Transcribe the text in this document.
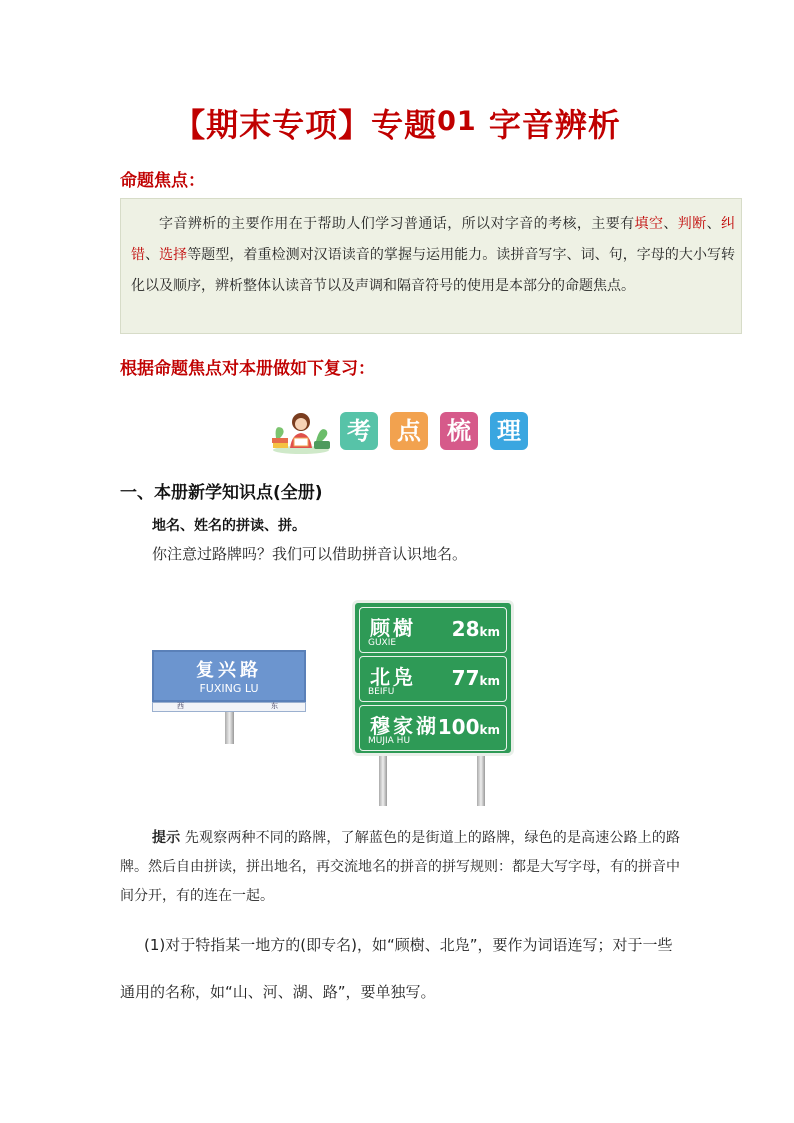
【期末专项】专题01 字音辨析
命题焦点：
字音辨析的主要作用在于帮助人们学习普通话，所以对字音的考核，主要有填空、判断、纠错、选择等题型，着重检测对汉语读音的掌握与运用能力。读拼音写字、词、句，字母的大小写转化以及顺序，辨析整体认读音节以及声调和隔音符号的使用是本部分的命题焦点。
根据命题焦点对本册做如下复习：
考 点 梳 理
一、本册新学知识点(全册)
地名、姓名的拼读、拼。
你注意过路牌吗？我们可以借助拼音认识地名。
复兴路
FUXING LU
西	东
顾樹
GUXIE
28km
北凫
BEIFU
77km
穆家湖
MUJIA HU
100km
提示 先观察两种不同的路牌，了解蓝色的是街道上的路牌，绿色的是高速公路上的路牌。然后自由拼读，拼出地名，再交流地名的拼音的拼写规则：都是大写字母，有的拼音中间分开，有的连在一起。
(1)对于特指某一地方的(即专名)，如“顾樹、北凫”，要作为词语连写；对于一些通用的名称，如“山、河、湖、路”，要单独写。
